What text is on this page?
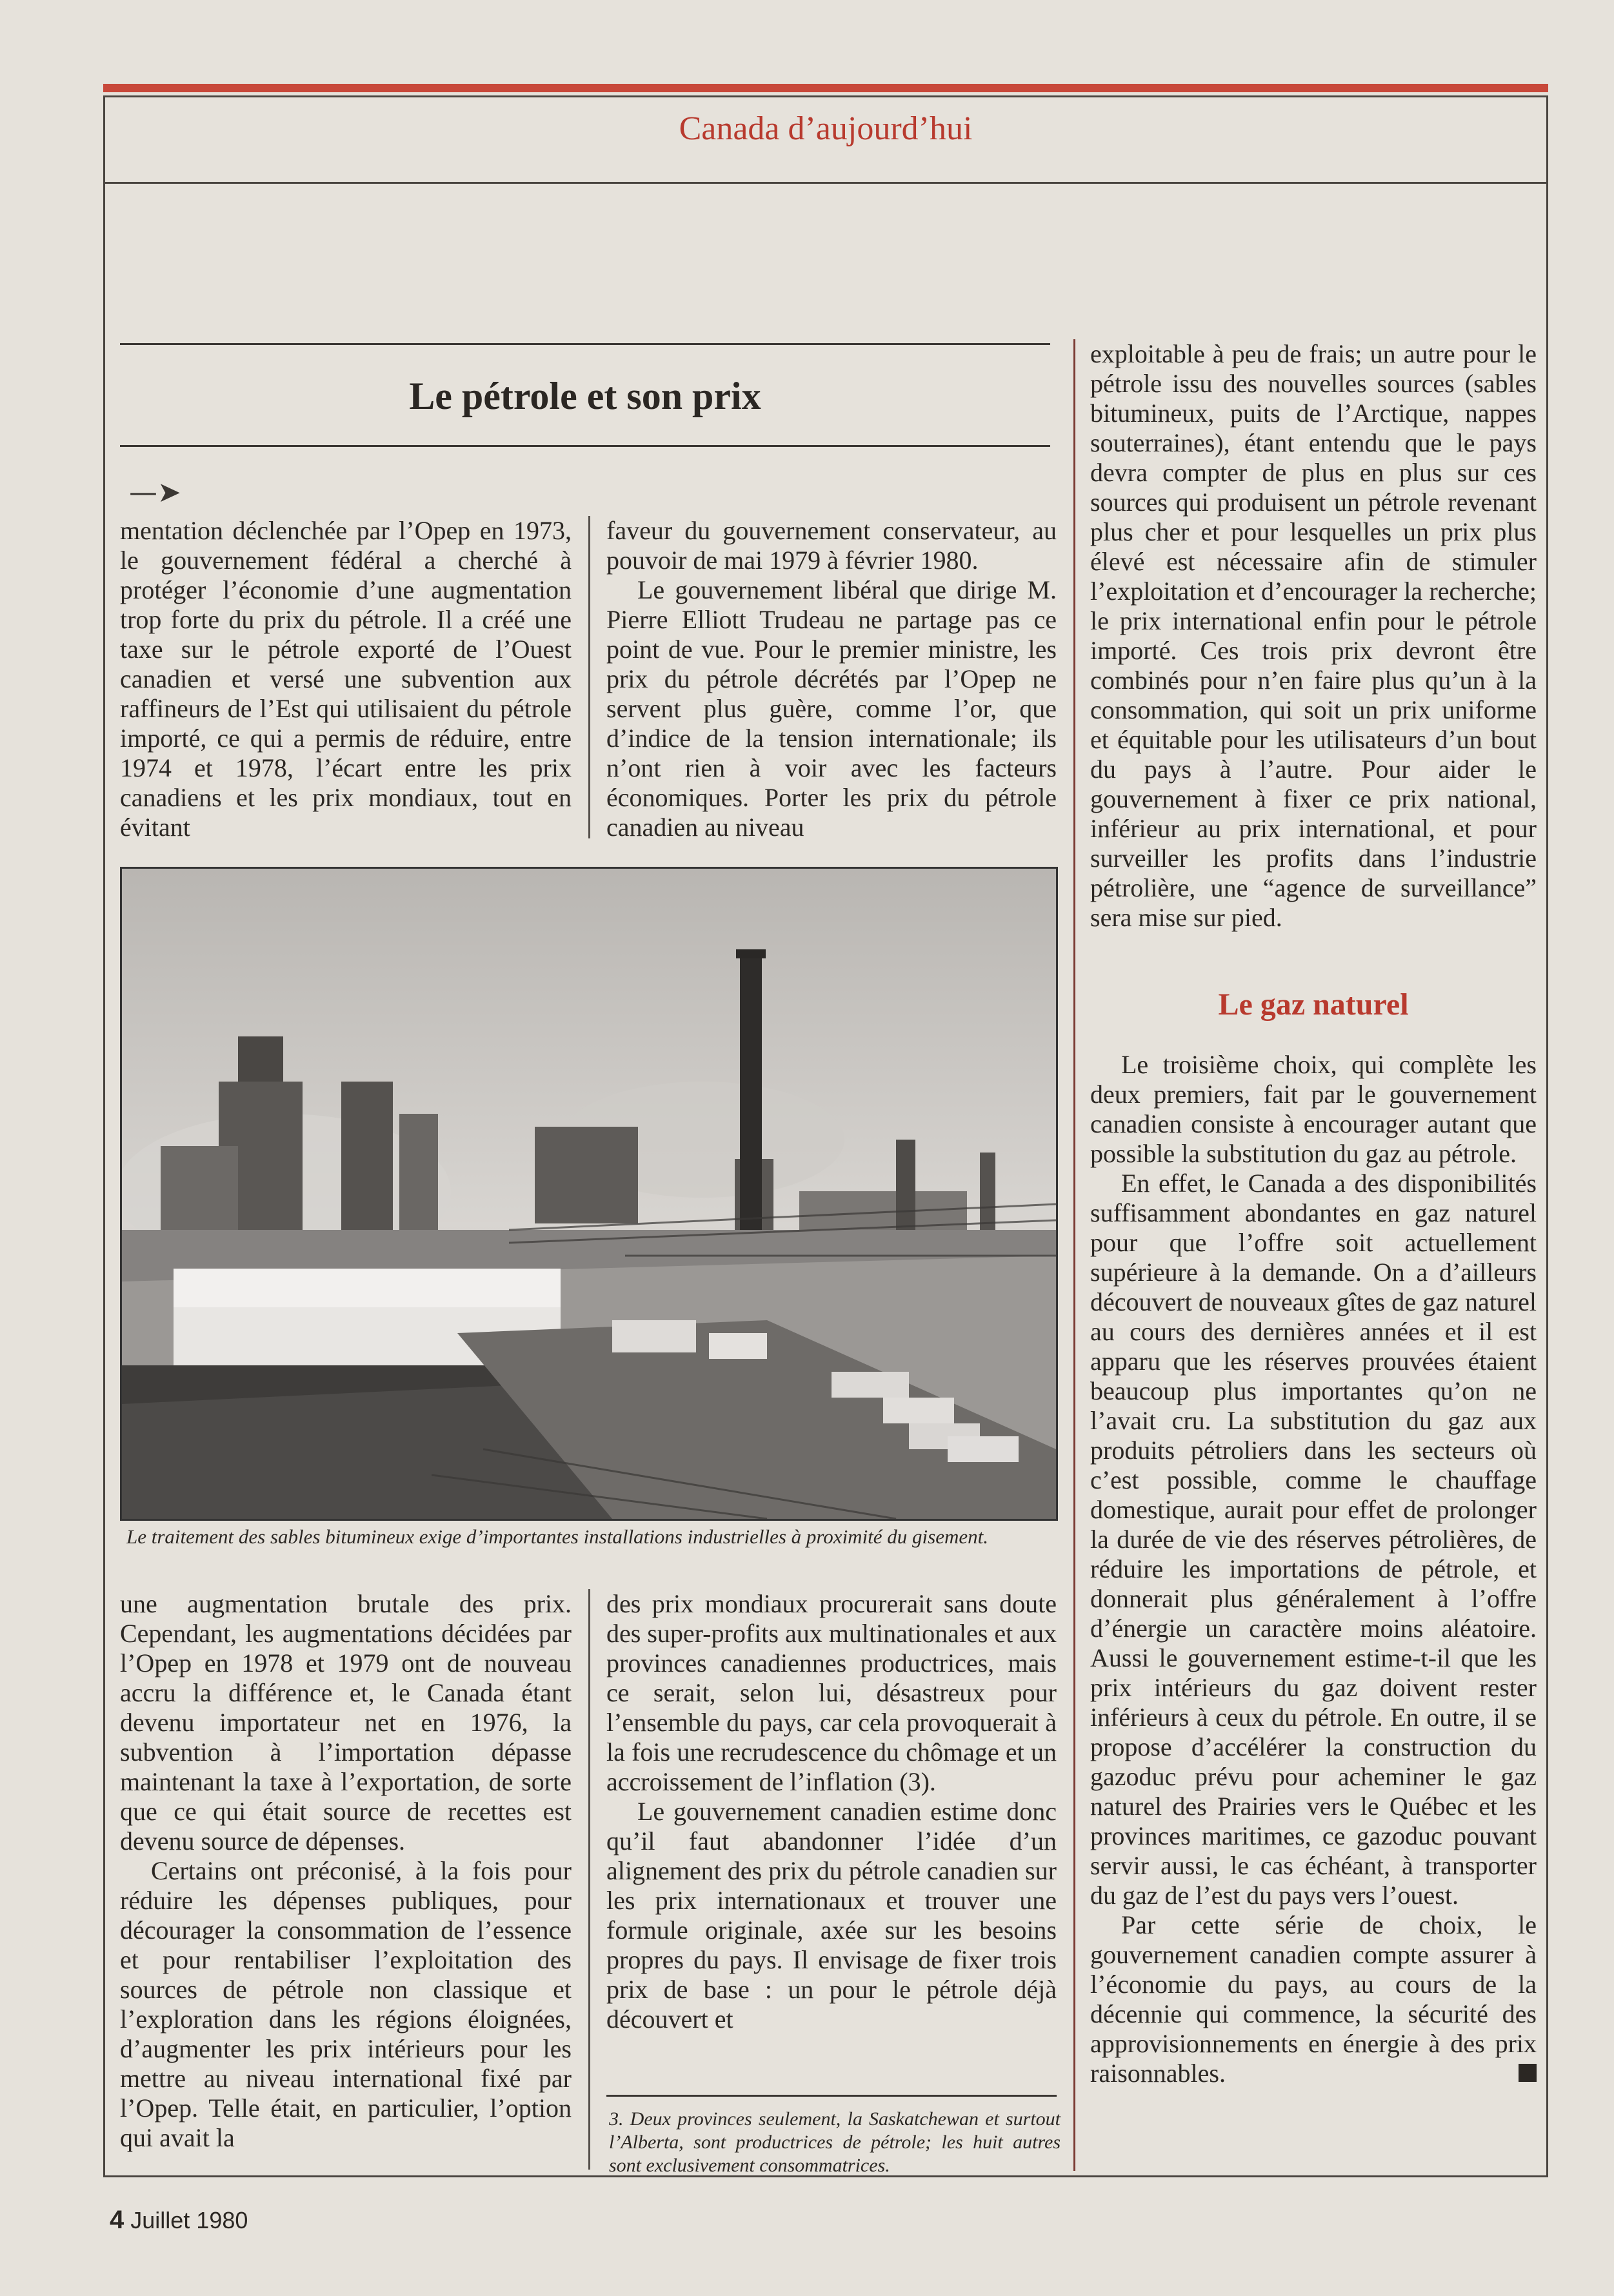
Canada d’aujourd’hui
Le pétrole et son prix
—➤

mentation déclenchée par l’Opep en 1973, le gouvernement fédéral a cherché à protéger l’économie d’une augmentation trop forte du prix du pétrole. Il a créé une taxe sur le pétrole exporté de l’Ouest canadien et versé une subvention aux raffineurs de l’Est qui utilisaient du pétrole importé, ce qui a permis de réduire, entre 1974 et 1978, l’écart entre les prix canadiens et les prix mondiaux, tout en évitant

faveur du gouvernement conservateur, au pouvoir de mai 1979 à février 1980.

Le gouvernement libéral que dirige M. Pierre Elliott Trudeau ne partage pas ce point de vue. Pour le premier ministre, les prix du pétrole décrétés par l’Opep ne servent plus guère, comme l’or, que d’indice de la tension internationale; ils n’ont rien à voir avec les facteurs économiques. Porter les prix du pétrole canadien au niveau

Le traitement des sables bitumineux exige d’importantes installations industrielles à proximité du gisement.

une augmentation brutale des prix. Cependant, les augmentations décidées par l’Opep en 1978 et 1979 ont de nouveau accru la différence et, le Canada étant devenu importateur net en 1976, la subvention à l’importation dépasse maintenant la taxe à l’exportation, de sorte que ce qui était source de recettes est devenu source de dépenses.

Certains ont préconisé, à la fois pour réduire les dépenses publiques, pour décourager la consommation de l’essence et pour rentabiliser l’exploitation des sources de pétrole non classique et l’exploration dans les régions éloignées, d’augmenter les prix intérieurs pour les mettre au niveau international fixé par l’Opep. Telle était, en particulier, l’option qui avait la

des prix mondiaux procurerait sans doute des super-profits aux multinationales et aux provinces canadiennes productrices, mais ce serait, selon lui, désastreux pour l’ensemble du pays, car cela provoquerait à la fois une recrudescence du chômage et un accroissement de l’inflation (3).

Le gouvernement canadien estime donc qu’il faut abandonner l’idée d’un alignement des prix du pétrole canadien sur les prix internationaux et trouver une formule originale, axée sur les besoins propres du pays. Il envisage de fixer trois prix de base : un pour le pétrole déjà découvert et

3. Deux provinces seulement, la Saskatchewan et surtout l’Alberta, sont productrices de pétrole; les huit autres sont exclusivement consommatrices.

exploitable à peu de frais; un autre pour le pétrole issu des nouvelles sources (sables bitumineux, puits de l’Arctique, nappes souterraines), étant entendu que le pays devra compter de plus en plus sur ces sources qui produisent un pétrole revenant plus cher et pour lesquelles un prix plus élevé est nécessaire afin de stimuler l’exploitation et d’encourager la recherche; le prix international enfin pour le pétrole importé. Ces trois prix devront être combinés pour n’en faire plus qu’un à la consommation, qui soit un prix uniforme et équitable pour les utilisateurs d’un bout du pays à l’autre. Pour aider le gouvernement à fixer ce prix national, inférieur au prix international, et pour surveiller les profits dans l’industrie pétrolière, une “agence de surveillance” sera mise sur pied.

Le gaz naturel

Le troisième choix, qui complète les deux premiers, fait par le gouvernement canadien consiste à encourager autant que possible la substitution du gaz au pétrole.

En effet, le Canada a des disponibilités suffisamment abondantes en gaz naturel pour que l’offre soit actuellement supérieure à la demande. On a d’ailleurs découvert de nouveaux gîtes de gaz naturel au cours des dernières années et il est apparu que les réserves prouvées étaient beaucoup plus importantes qu’on ne l’avait cru. La substitution du gaz aux produits pétroliers dans les secteurs où c’est possible, comme le chauffage domestique, aurait pour effet de prolonger la durée de vie des réserves pétrolières, de réduire les importations de pétrole, et donnerait plus généralement à l’offre d’énergie un caractère moins aléatoire. Aussi le gouvernement estime-t-il que les prix intérieurs du gaz doivent rester inférieurs à ceux du pétrole. En outre, il se propose d’accélérer la construction du gazoduc prévu pour acheminer le gaz naturel des Prairies vers le Québec et les provinces maritimes, ce gazoduc pouvant servir aussi, le cas échéant, à transporter du gaz de l’est du pays vers l’ouest.

Par cette série de choix, le gouvernement canadien compte assurer à l’économie du pays, au cours de la décennie qui commence, la sécurité des approvisionnements en énergie à des prix raisonnables.

4 Juillet 1980
